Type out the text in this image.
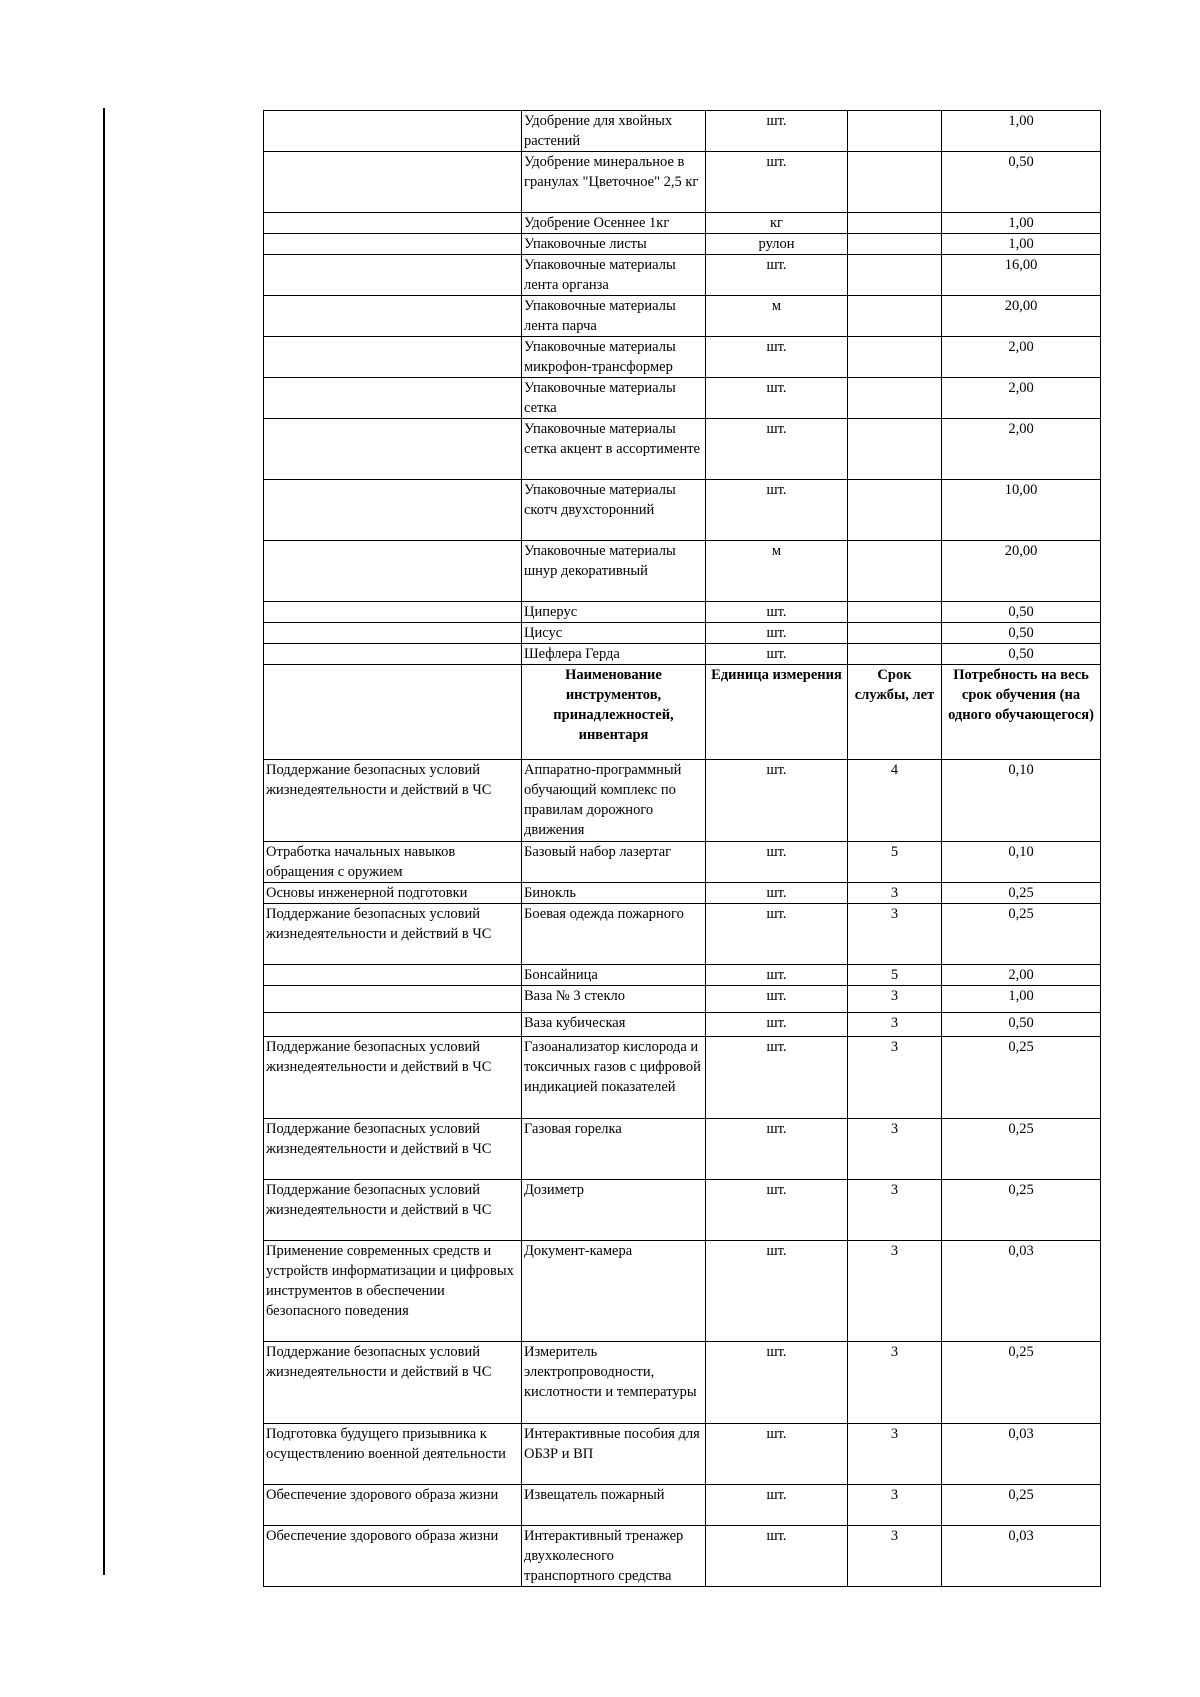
	Удобрение для хвойных растений	шт.		1,00
	Удобрение минеральное в гранулах "Цветочное" 2,5 кг	шт.		0,50
	Удобрение Осеннее 1кг	кг		1,00
	Упаковочные листы	рулон		1,00
	Упаковочные материалы лента органза	шт.		16,00
	Упаковочные материалы лента парча	м		20,00
	Упаковочные материалы микрофон-трансформер	шт.		2,00
	Упаковочные материалы сетка	шт.		2,00
	Упаковочные материалы сетка акцент в ассортименте	шт.		2,00
	Упаковочные материалы скотч двухсторонний	шт.		10,00
	Упаковочные материалы шнур декоративный	м		20,00
	Циперус	шт.		0,50
	Цисус	шт.		0,50
	Шефлера Герда	шт.		0,50
	Наименование инструментов, принадлежностей, инвентаря	Единица измерения	Срок службы, лет	Потребность на весь срок обучения (на одного обучающегося)
Поддержание безопасных условий жизнедеятельности и действий в ЧС	Аппаратно-программный обучающий комплекс по правилам дорожного движения	шт.	4	0,10
Отработка начальных навыков обращения с оружием	Базовый набор лазертаг	шт.	5	0,10
Основы инженерной подготовки	Бинокль	шт.	3	0,25
Поддержание безопасных условий жизнедеятельности и действий в ЧС	Боевая одежда пожарного	шт.	3	0,25
	Бонсайница	шт.	5	2,00
	Ваза № 3 стекло	шт.	3	1,00
	Ваза кубическая	шт.	3	0,50
Поддержание безопасных условий жизнедеятельности и действий в ЧС	Газоанализатор кислорода и токсичных газов с цифровой индикацией показателей	шт.	3	0,25
Поддержание безопасных условий жизнедеятельности и действий в ЧС	Газовая горелка	шт.	3	0,25
Поддержание безопасных условий жизнедеятельности и действий в ЧС	Дозиметр	шт.	3	0,25
Применение современных средств и устройств информатизации и цифровых инструментов в обеспечении безопасного поведения	Документ-камера	шт.	3	0,03
Поддержание безопасных условий жизнедеятельности и действий в ЧС	Измеритель электропроводности, кислотности и температуры	шт.	3	0,25
Подготовка будущего призывника к осуществлению военной деятельности	Интерактивные пособия для ОБЗР и ВП	шт.	3	0,03
Обеспечение здорового образа жизни	Извещатель пожарный	шт.	3	0,25
Обеспечение здорового образа жизни	Интерактивный тренажер двухколесного транспортного средства	шт.	3	0,03
